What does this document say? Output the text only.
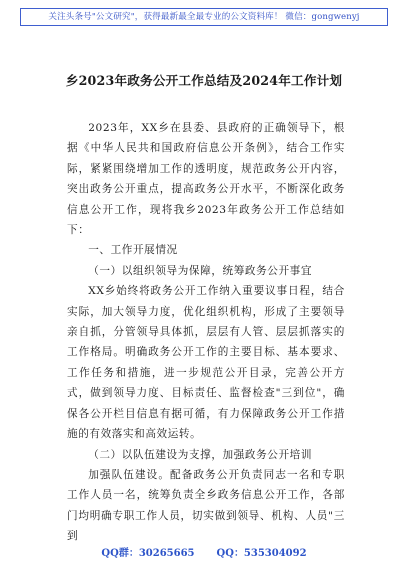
关注头条号"公文研究"，获得最新最全最专业的公文资料库！ 微信：gongwenyj
乡2023年政务公开工作总结及2024年工作计划

2023年，XX乡在县委、县政府的正确领导下，根据《中华人民共和国政府信息公开条例》，结合工作实际，紧紧围绕增加工作的透明度，规范政务公开内容，突出政务公开重点，提高政务公开水平，不断深化政务信息公开工作，现将我乡2023年政务公开工作总结如下：

一、工作开展情况

（一）以组织领导为保障，统筹政务公开事宜

XX乡始终将政务公开工作纳入重要议事日程，结合实际，加大领导力度，优化组织机构，形成了主要领导亲自抓，分管领导具体抓，层层有人管、层层抓落实的工作格局。明确政务公开工作的主要目标、基本要求、工作任务和措施，进一步规范公开目录，完善公开方式，做到领导力度、目标责任、监督检查"三到位"，确保各公开栏目信息有据可循，有力保障政务公开工作措施的有效落实和高效运转。

（二）以队伍建设为支撑，加强政务公开培训

加强队伍建设。配备政务公开负责同志一名和专职工作人员一名，统筹负责全乡政务信息公开工作，各部门均明确专职工作人员，切实做到领导、机构、人员"三到

QQ群：30265665 QQ：535304092
